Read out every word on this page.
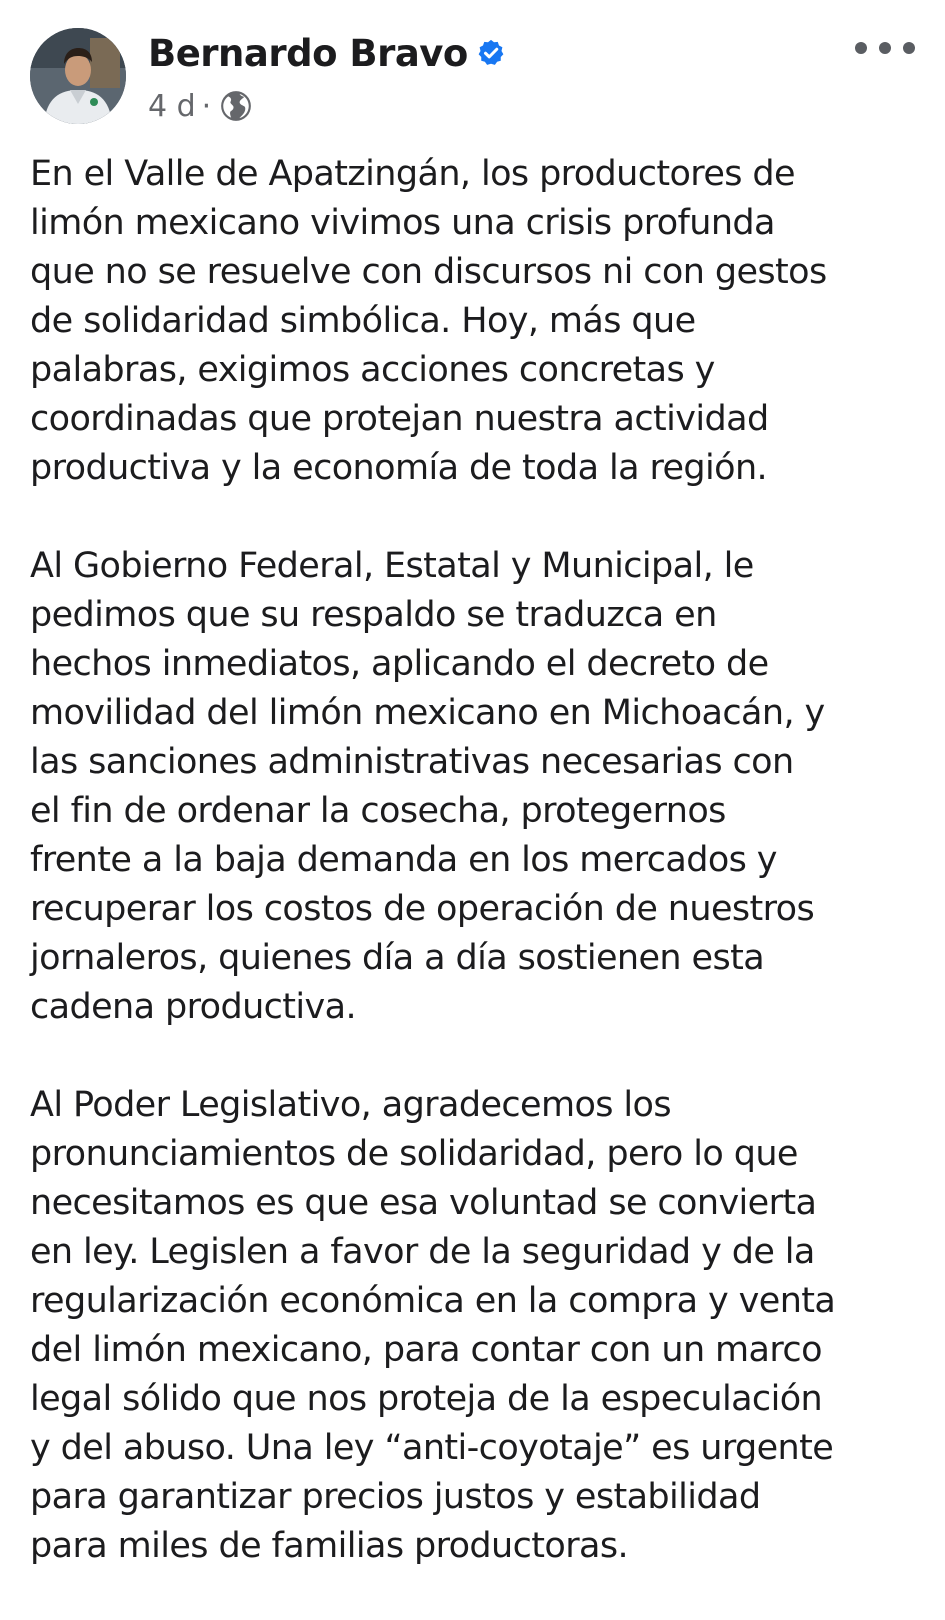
Bernardo Bravo
4 d ·

En el Valle de Apatzingán, los productores de
limón mexicano vivimos una crisis profunda
que no se resuelve con discursos ni con gestos
de solidaridad simbólica. Hoy, más que
palabras, exigimos acciones concretas y
coordinadas que protejan nuestra actividad
productiva y la economía de toda la región.

Al Gobierno Federal, Estatal y Municipal, le
pedimos que su respaldo se traduzca en
hechos inmediatos, aplicando el decreto de
movilidad del limón mexicano en Michoacán, y
las sanciones administrativas necesarias con
el fin de ordenar la cosecha, protegernos
frente a la baja demanda en los mercados y
recuperar los costos de operación de nuestros
jornaleros, quienes día a día sostienen esta
cadena productiva.

Al Poder Legislativo, agradecemos los
pronunciamientos de solidaridad, pero lo que
necesitamos es que esa voluntad se convierta
en ley. Legislen a favor de la seguridad y de la
regularización económica en la compra y venta
del limón mexicano, para contar con un marco
legal sólido que nos proteja de la especulación
y del abuso. Una ley “anti-coyotaje” es urgente
para garantizar precios justos y estabilidad
para miles de familias productoras.
